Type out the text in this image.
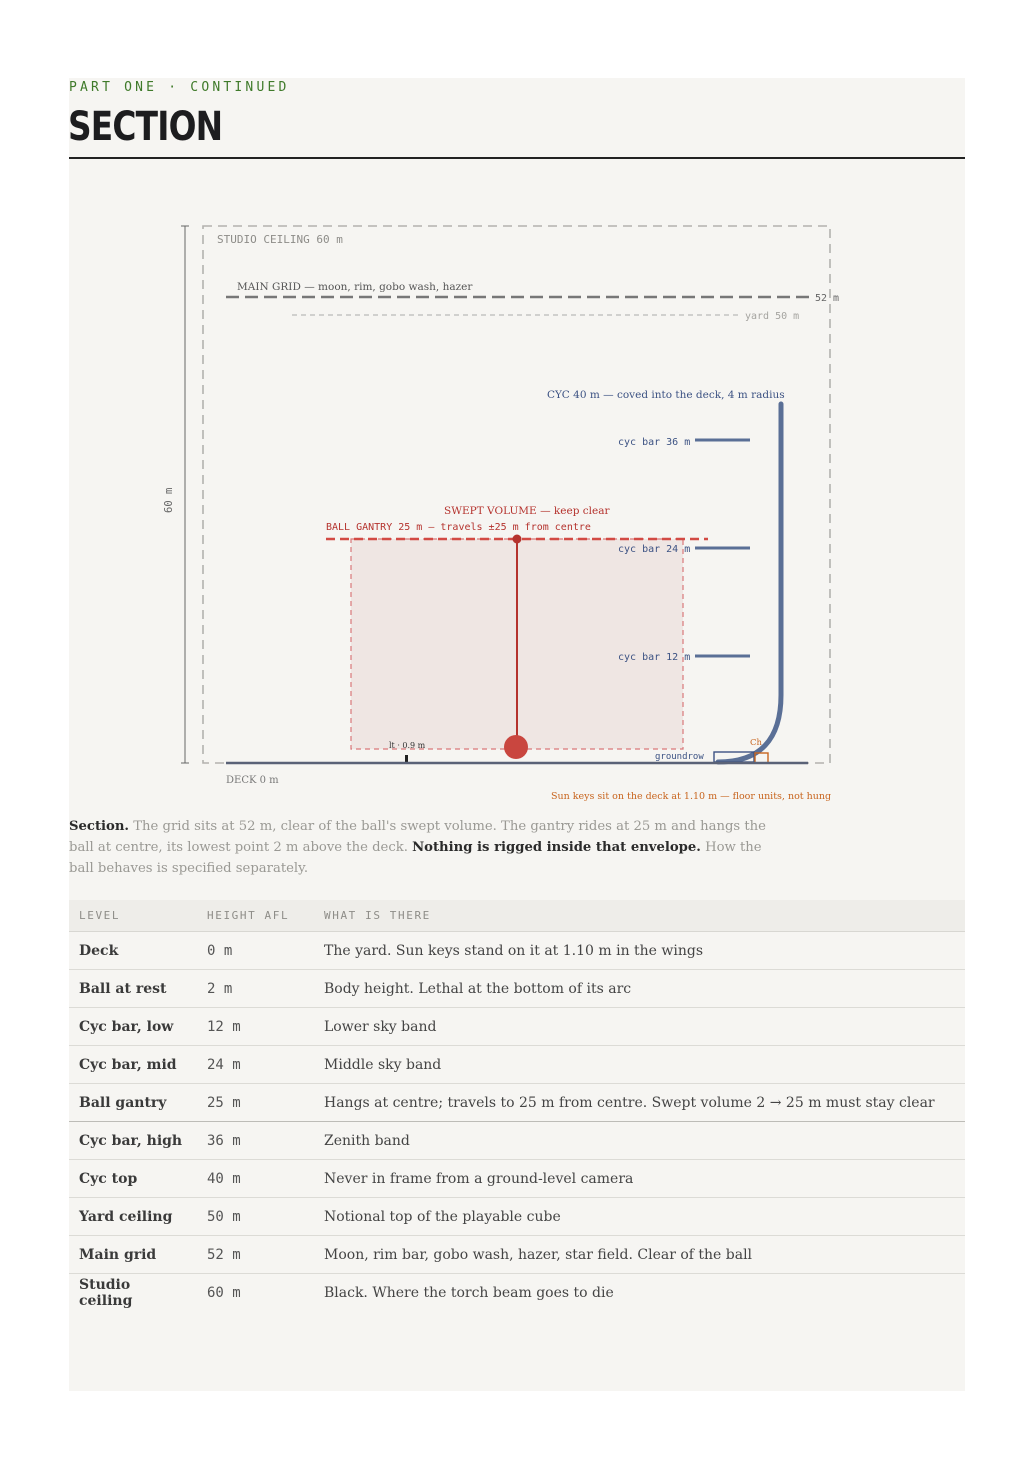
PART ONE · CONTINUED
SECTION
STUDIO CEILING 60 m
MAIN GRID — moon, rim, gobo wash, hazer
52 m
yard 50 m
CYC 40 m — coved into the deck, 4 m radius
cyc bar 36 m
SWEPT VOLUME — keep clear
BALL GANTRY 25 m — travels ±25 m from centre
cyc bar 24 m
cyc bar 12 m
lt · 0.9 m
groundrow
Ch
DECK 0 m
60 m
Sun keys sit on the deck at 1.10 m — floor units, not hung
Section. The grid sits at 52 m, clear of the ball's swept volume. The gantry rides at 25 m and hangs the ball at centre, its lowest point 2 m above the deck. Nothing is rigged inside that envelope. How the ball behaves is specified separately.
LEVEL	HEIGHT AFL	WHAT IS THERE
Deck	0 m	The yard. Sun keys stand on it at 1.10 m in the wings
Ball at rest	2 m	Body height. Lethal at the bottom of its arc
Cyc bar, low	12 m	Lower sky band
Cyc bar, mid	24 m	Middle sky band
Ball gantry	25 m	Hangs at centre; travels to 25 m from centre. Swept volume 2 → 25 m must stay clear
Cyc bar, high	36 m	Zenith band
Cyc top	40 m	Never in frame from a ground-level camera
Yard ceiling	50 m	Notional top of the playable cube
Main grid	52 m	Moon, rim bar, gobo wash, hazer, star field. Clear of the ball
Studio ceiling	60 m	Black. Where the torch beam goes to die
